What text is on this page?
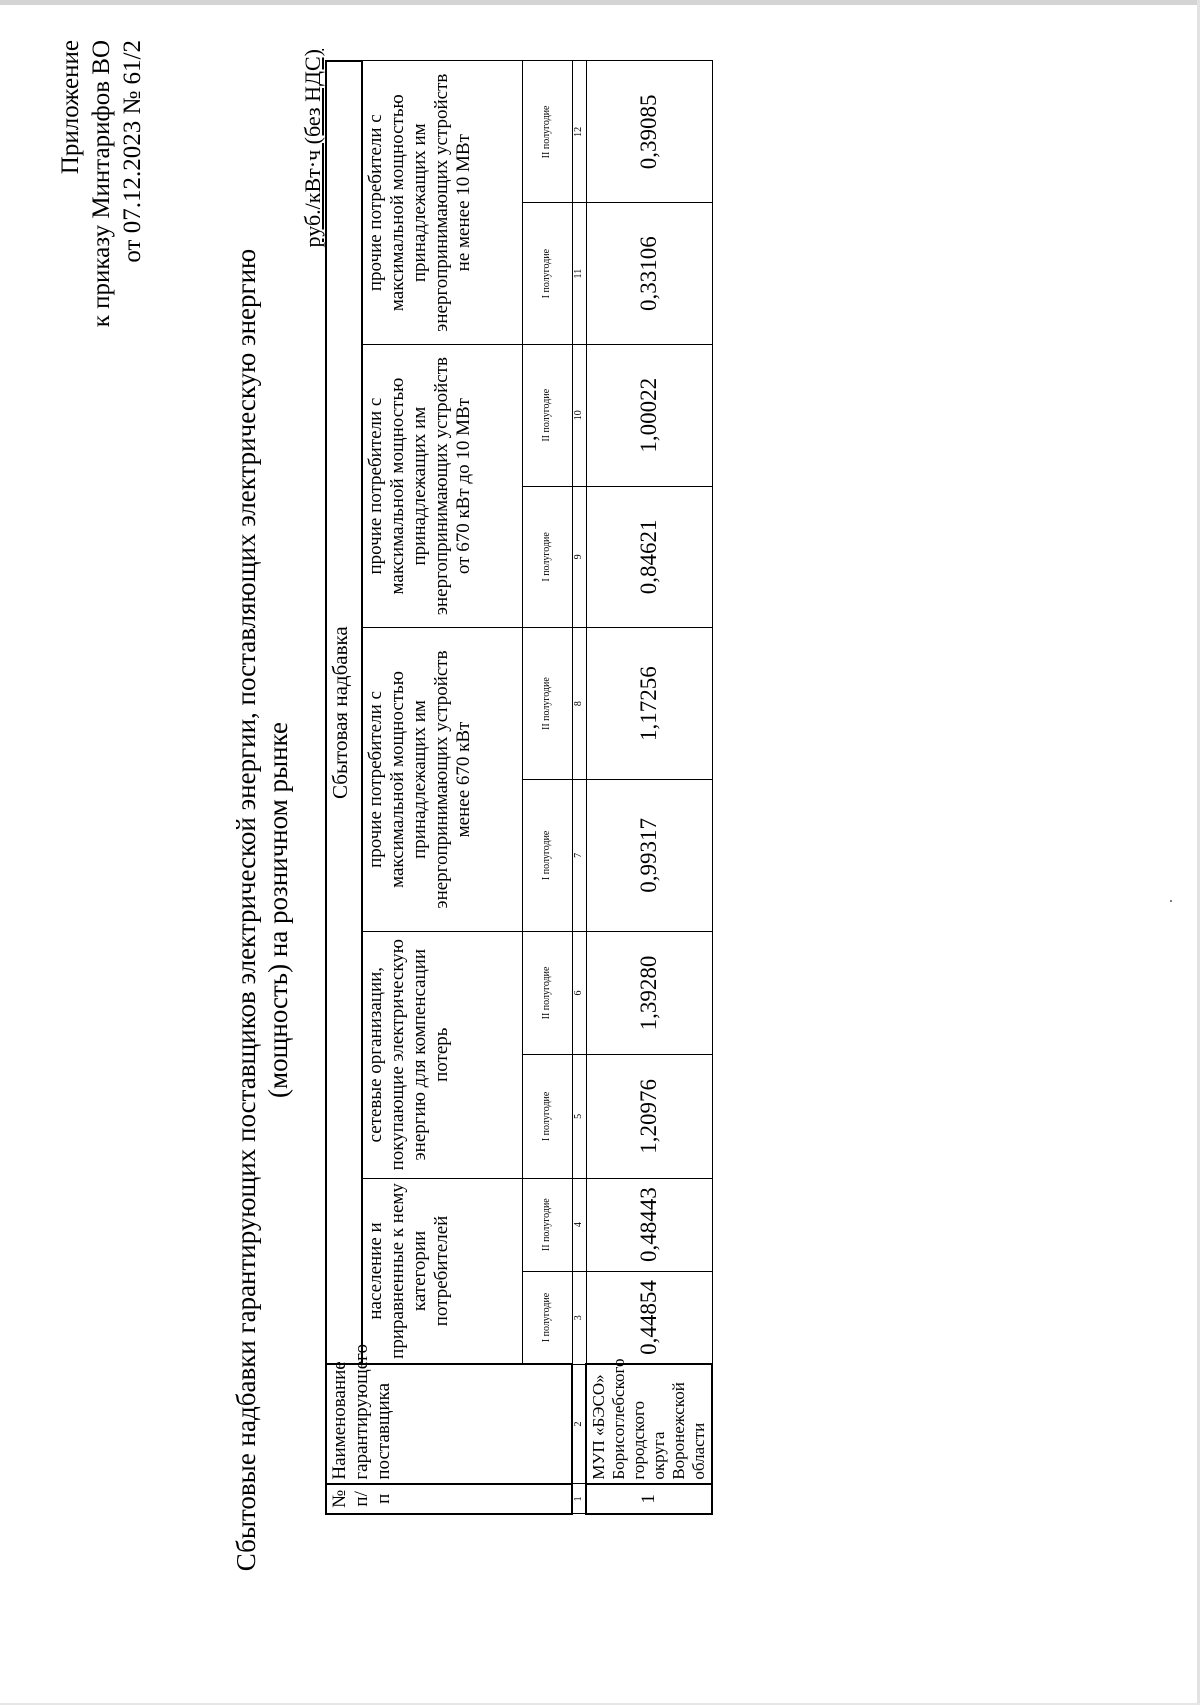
Приложение к приказу Минтарифов ВО от 07.12.2023 № 61/2
Сбытовые надбавки гарантирующих поставщиков электрической энергии, поставляющих электрическую энергию (мощность) на розничном рынке
руб./кВт·ч (без НДС)
№ п/п	Наименование гарантирующего поставщика	Сбытовая надбавка									
		население и приравненные к нему категории потребителей		сетевые организации, покупающие электрическую энергию для компенсации потерь		прочие потребители с максимальной мощностью принадлежащих им энергопринимающих устройств менее 670 кВт		прочие потребители с максимальной мощностью принадлежащих им энергопринимающих устройств от 670 кВт до 10 МВт		прочие потребители с максимальной мощностью принадлежащих им энергопринимающих устройств не менее 10 МВт	
		I полугодие	II полугодие	I полугодие	II полугодие	I полугодие	II полугодие	I полугодие	II полугодие	I полугодие	II полугодие
1	2	3	4	5	6	7	8	9	10	11	12
1	МУП «БЭСО» Борисоглебского городского округа Воронежской области	0,44854	0,48443	1,20976	1,39280	0,99317	1,17256	0,84621	1,00022	0,33106	0,39085
